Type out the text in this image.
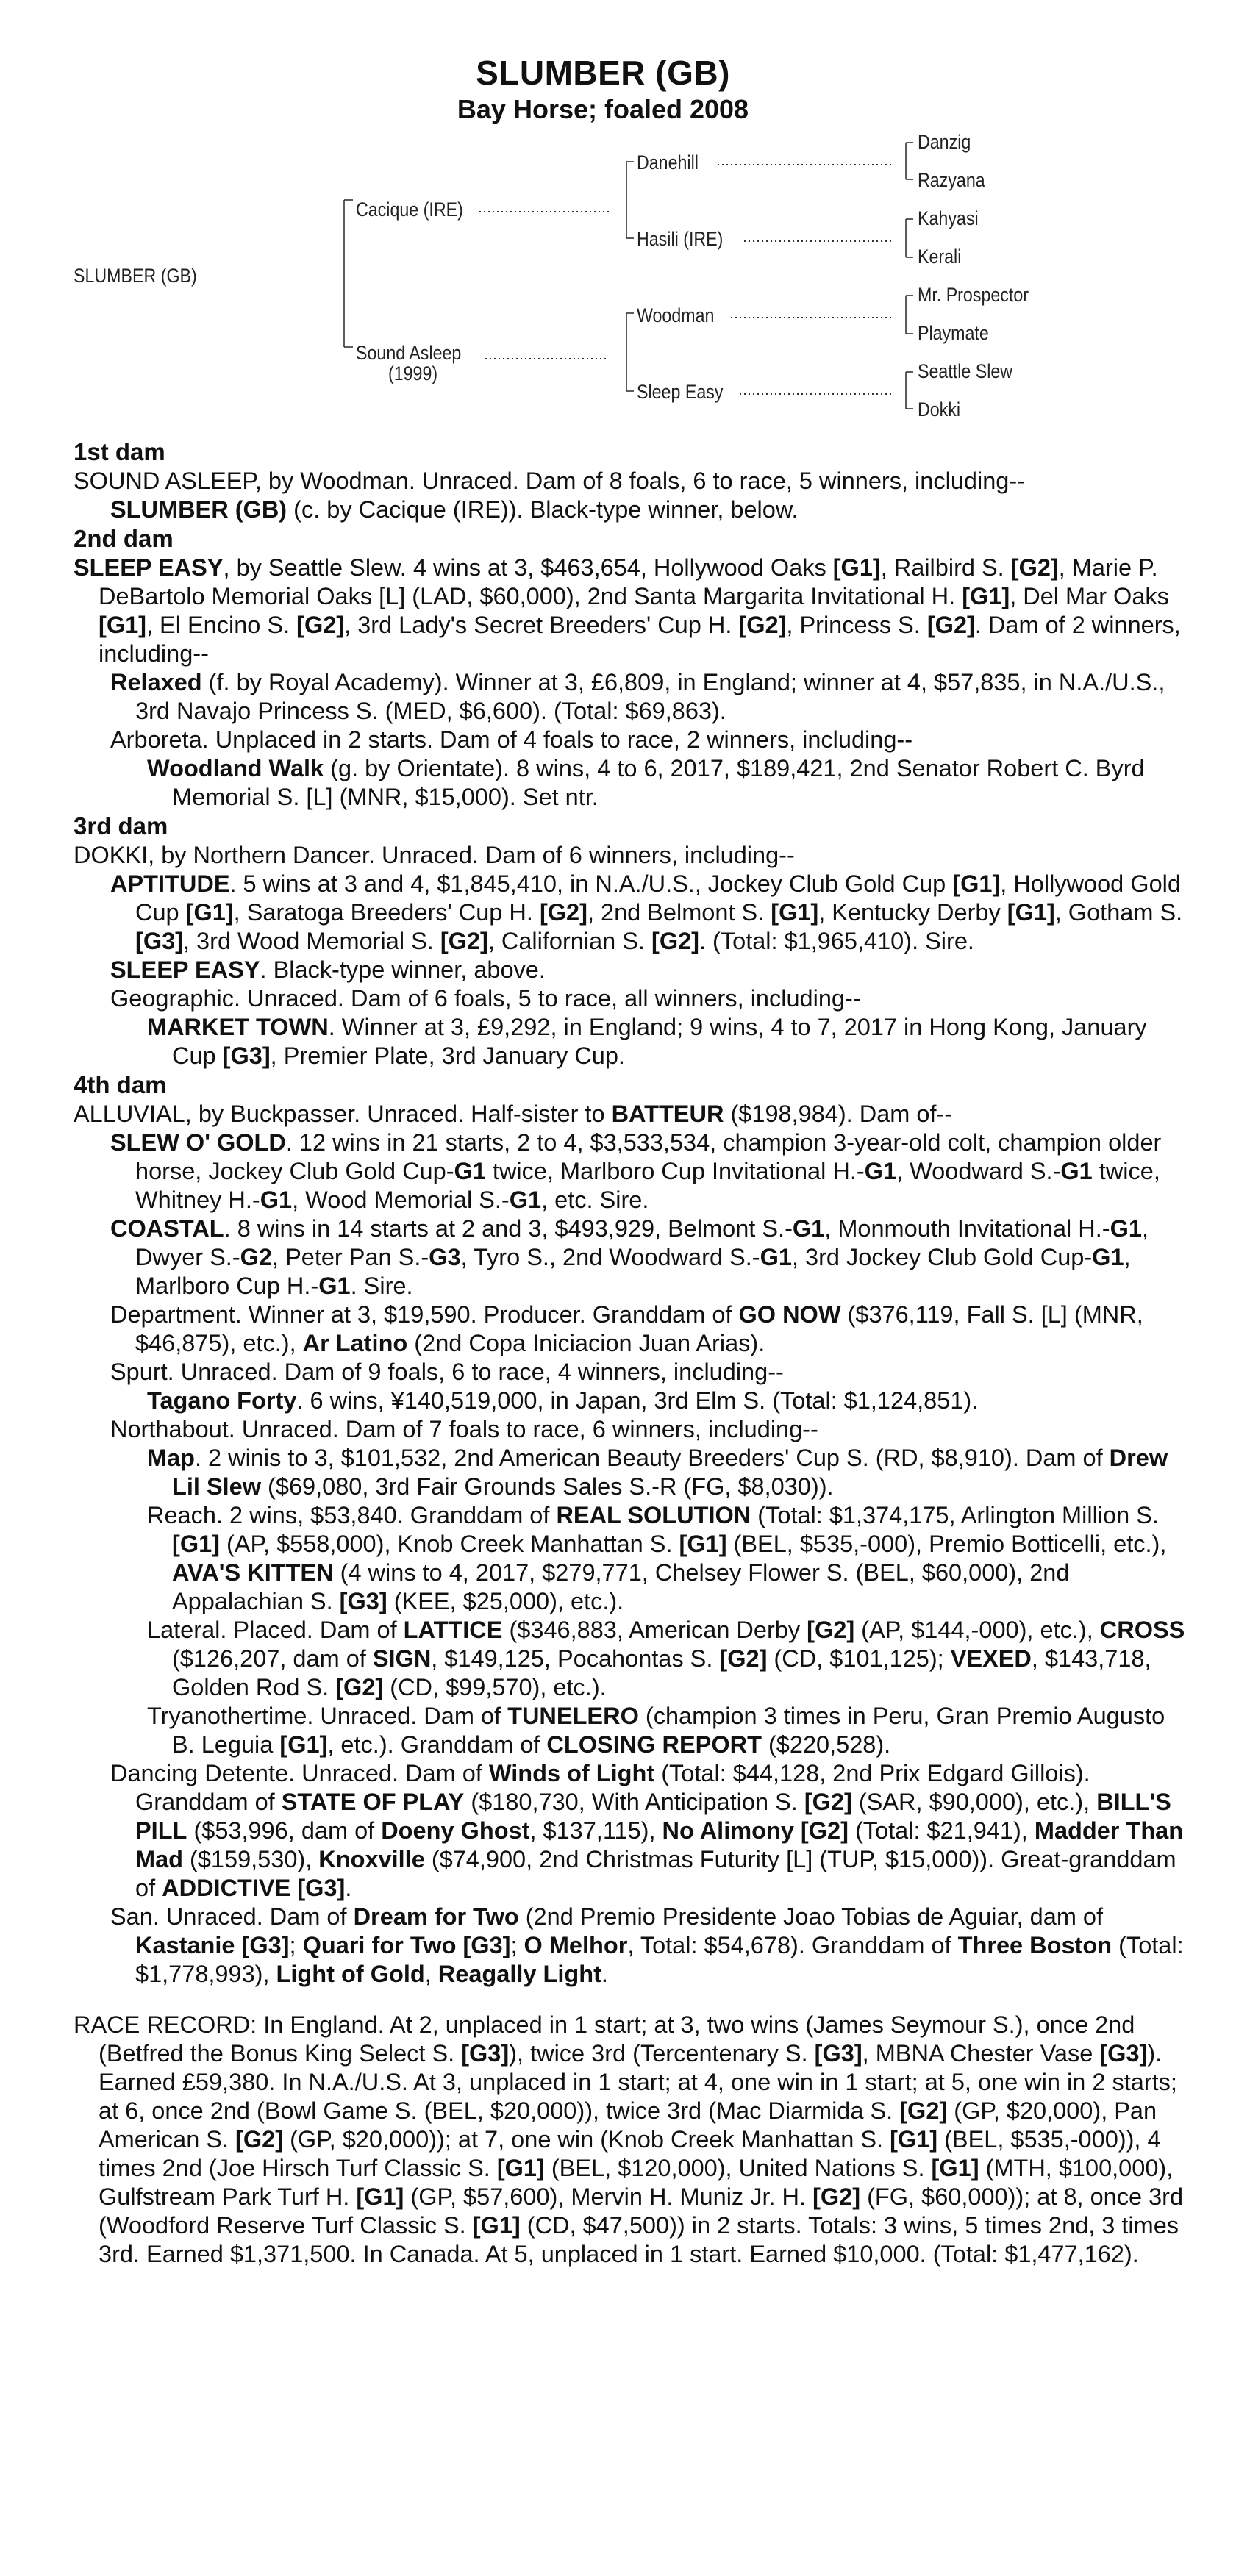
SLUMBER (GB)
Bay Horse; foaled 2008
SLUMBER (GB)
Cacique (IRE)
Sound Asleep
(1999)
Danehill
Hasili (IRE)
Woodman
Sleep Easy
Danzig
Razyana
Kahyasi
Kerali
Mr. Prospector
Playmate
Seattle Slew
Dokki
1st dam
SOUND ASLEEP, by Woodman. Unraced. Dam of 8 foals, 6 to race, 5 winners, including--
SLUMBER (GB) (c. by Cacique (IRE)). Black-type winner, below.
2nd dam
SLEEP EASY, by Seattle Slew. 4 wins at 3, $463,654, Hollywood Oaks [G1], Railbird S. [G2], Marie P. DeBartolo Memorial Oaks [L] (LAD, $60,000), 2nd Santa Margarita Invitational H. [G1], Del Mar Oaks [G1], El Encino S. [G2], 3rd Lady's Secret Breeders' Cup H. [G2], Princess S. [G2]. Dam of 2 winners, including--
Relaxed (f. by Royal Academy). Winner at 3, £6,809, in England; winner at 4, $57,835, in N.A./U.S., 3rd Navajo Princess S. (MED, $6,600). (Total: $69,863).
Arboreta. Unplaced in 2 starts. Dam of 4 foals to race, 2 winners, including--
Woodland Walk (g. by Orientate). 8 wins, 4 to 6, 2017, $189,421, 2nd Senator Robert C. Byrd Memorial S. [L] (MNR, $15,000). Set ntr.
3rd dam
DOKKI, by Northern Dancer. Unraced. Dam of 6 winners, including--
APTITUDE. 5 wins at 3 and 4, $1,845,410, in N.A./U.S., Jockey Club Gold Cup [G1], Hollywood Gold Cup [G1], Saratoga Breeders' Cup H. [G2], 2nd Belmont S. [G1], Kentucky Derby [G1], Gotham S. [G3], 3rd Wood Memorial S. [G2], Californian S. [G2]. (Total: $1,965,410). Sire.
SLEEP EASY. Black-type winner, above.
Geographic. Unraced. Dam of 6 foals, 5 to race, all winners, including--
MARKET TOWN. Winner at 3, £9,292, in England; 9 wins, 4 to 7, 2017 in Hong Kong, January Cup [G3], Premier Plate, 3rd January Cup.
4th dam
ALLUVIAL, by Buckpasser. Unraced. Half-sister to BATTEUR ($198,984). Dam of--
SLEW O' GOLD. 12 wins in 21 starts, 2 to 4, $3,533,534, champion 3-year-old colt, champion older horse, Jockey Club Gold Cup-G1 twice, Marlboro Cup Invitational H.-G1, Woodward S.-G1 twice, Whitney H.-G1, Wood Memorial S.-G1, etc. Sire.
COASTAL. 8 wins in 14 starts at 2 and 3, $493,929, Belmont S.-G1, Monmouth Invitational H.-G1, Dwyer S.-G2, Peter Pan S.-G3, Tyro S., 2nd Woodward S.-G1, 3rd Jockey Club Gold Cup-G1, Marlboro Cup H.-G1. Sire.
Department. Winner at 3, $19,590. Producer. Granddam of GO NOW ($376,119, Fall S. [L] (MNR, $46,875), etc.), Ar Latino (2nd Copa Iniciacion Juan Arias).
Spurt. Unraced. Dam of 9 foals, 6 to race, 4 winners, including--
Tagano Forty. 6 wins, ¥140,519,000, in Japan, 3rd Elm S. (Total: $1,124,851).
Northabout. Unraced. Dam of 7 foals to race, 6 winners, including--
Map. 2 winis to 3, $101,532, 2nd American Beauty Breeders' Cup S. (RD, $8,910). Dam of Drew Lil Slew ($69,080, 3rd Fair Grounds Sales S.-R (FG, $8,030)).
Reach. 2 wins, $53,840. Granddam of REAL SOLUTION (Total: $1,374,175, Arlington Million S. [G1] (AP, $558,000), Knob Creek Manhattan S. [G1] (BEL, $535,-000), Premio Botticelli, etc.), AVA'S KITTEN (4 wins to 4, 2017, $279,771, Chelsey Flower S. (BEL, $60,000), 2nd Appalachian S. [G3] (KEE, $25,000), etc.).
Lateral. Placed. Dam of LATTICE ($346,883, American Derby [G2] (AP, $144,-000), etc.), CROSS ($126,207, dam of SIGN, $149,125, Pocahontas S. [G2] (CD, $101,125); VEXED, $143,718, Golden Rod S. [G2] (CD, $99,570), etc.).
Tryanothertime. Unraced. Dam of TUNELERO (champion 3 times in Peru, Gran Premio Augusto B. Leguia [G1], etc.). Granddam of CLOSING REPORT ($220,528).
Dancing Detente. Unraced. Dam of Winds of Light (Total: $44,128, 2nd Prix Edgard Gillois). Granddam of STATE OF PLAY ($180,730, With Anticipation S. [G2] (SAR, $90,000), etc.), BILL'S PILL ($53,996, dam of Doeny Ghost, $137,115), No Alimony [G2] (Total: $21,941), Madder Than Mad ($159,530), Knoxville ($74,900, 2nd Christmas Futurity [L] (TUP, $15,000)). Great-granddam of ADDICTIVE [G3].
San. Unraced. Dam of Dream for Two (2nd Premio Presidente Joao Tobias de Aguiar, dam of Kastanie [G3]; Quari for Two [G3]; O Melhor, Total: $54,678). Granddam of Three Boston (Total: $1,778,993), Light of Gold, Reagally Light.
RACE RECORD: In England. At 2, unplaced in 1 start; at 3, two wins (James Seymour S.), once 2nd (Betfred the Bonus King Select S. [G3]), twice 3rd (Tercentenary S. [G3], MBNA Chester Vase [G3]). Earned £59,380. In N.A./U.S. At 3, unplaced in 1 start; at 4, one win in 1 start; at 5, one win in 2 starts; at 6, once 2nd (Bowl Game S. (BEL, $20,000)), twice 3rd (Mac Diarmida S. [G2] (GP, $20,000), Pan American S. [G2] (GP, $20,000)); at 7, one win (Knob Creek Manhattan S. [G1] (BEL, $535,-000)), 4 times 2nd (Joe Hirsch Turf Classic S. [G1] (BEL, $120,000), United Nations S. [G1] (MTH, $100,000), Gulfstream Park Turf H. [G1] (GP, $57,600), Mervin H. Muniz Jr. H. [G2] (FG, $60,000)); at 8, once 3rd (Woodford Reserve Turf Classic S. [G1] (CD, $47,500)) in 2 starts. Totals: 3 wins, 5 times 2nd, 3 times 3rd. Earned $1,371,500. In Canada. At 5, unplaced in 1 start. Earned $10,000. (Total: $1,477,162).
